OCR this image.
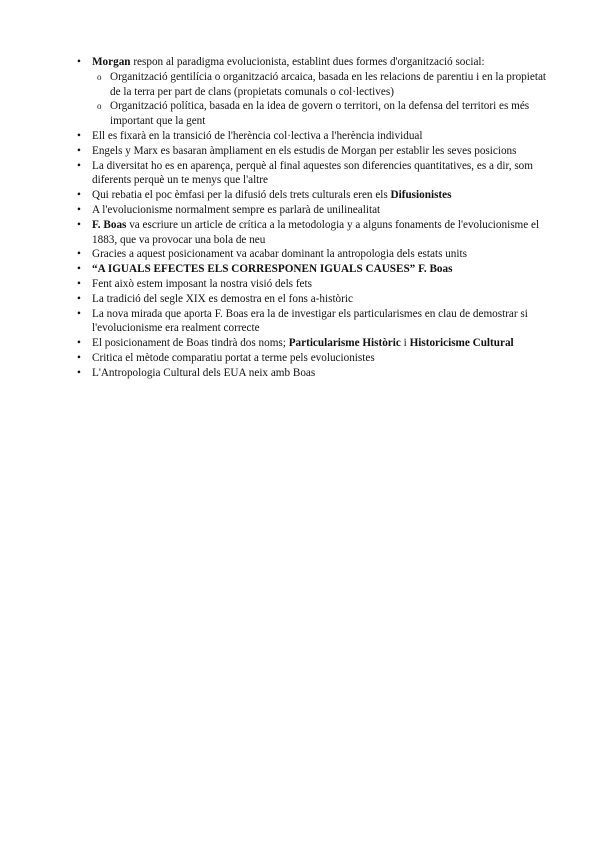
• Morgan respon al paradigma evolucionista, establint dues formes d'organització social:
o Organització gentilícia o organització arcaica, basada en les relacions de parentiu i en la propietat de la terra per part de clans (propietats comunals o col·lectives)
o Organització política, basada en la idea de govern o territori, on la defensa del territori es més important que la gent
• Ell es fixarà en la transició de l'herència col·lectiva a l'herència individual
• Engels y Marx es basaran àmpliament en els estudis de Morgan per establir les seves posicions
• La diversitat ho es en aparença, perquè al final aquestes son diferencies quantitatives, es a dir, som diferents perquè un te menys que l'altre
• Qui rebatia el poc èmfasi per la difusió dels trets culturals eren els Difusionistes
• A l'evolucionisme normalment sempre es parlarà de unilinealitat
• F. Boas va escriure un article de crítica a la metodologia y a alguns fonaments de l'evolucionisme el 1883, que va provocar una bola de neu
• Gracies a aquest posicionament va acabar dominant la antropologia dels estats units
• “A IGUALS EFECTES ELS CORRESPONEN IGUALS CAUSES” F. Boas
• Fent això estem imposant la nostra visió dels fets
• La tradició del segle XIX es demostra en el fons a-històric
• La nova mirada que aporta F. Boas era la de investigar els particularismes en clau de demostrar si l'evolucionisme era realment correcte
• El posicionament de Boas tindrà dos noms; Particularisme Històric i Historicisme Cultural
• Critica el mètode comparatiu portat a terme pels evolucionistes
• L'Antropologia Cultural dels EUA neix amb Boas
